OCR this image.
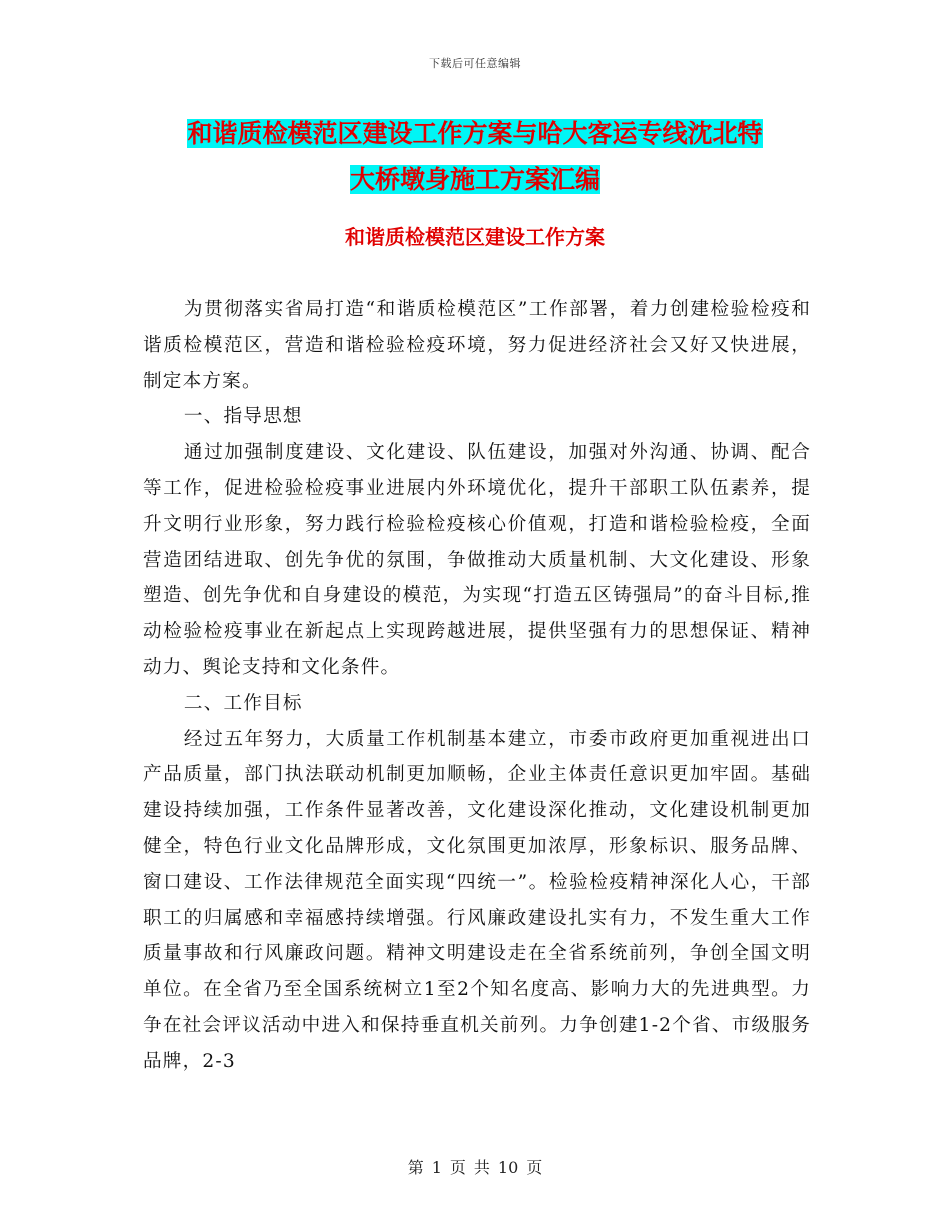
下载后可任意编辑
和谐质检模范区建设工作方案与哈大客运专线沈北特
大桥墩身施工方案汇编
和谐质检模范区建设工作方案

为贯彻落实省局打造“和谐质检模范区”工作部署，着力创建检验检疫和谐质检模范区，营造和谐检验检疫环境，努力促进经济社会又好又快进展，制定本方案。

一、指导思想

通过加强制度建设、文化建设、队伍建设，加强对外沟通、协调、配合等工作，促进检验检疫事业进展内外环境优化，提升干部职工队伍素养，提升文明行业形象，努力践行检验检疫核心价值观，打造和谐检验检疫，全面营造团结进取、创先争优的氛围，争做推动大质量机制、大文化建设、形象塑造、创先争优和自身建设的模范，为实现“打造五区铸强局”的奋斗目标,推动检验检疫事业在新起点上实现跨越进展，提供坚强有力的思想保证、精神动力、舆论支持和文化条件。

二、工作目标

经过五年努力，大质量工作机制基本建立，市委市政府更加重视进出口产品质量，部门执法联动机制更加顺畅，企业主体责任意识更加牢固。基础建设持续加强，工作条件显著改善，文化建设深化推动，文化建设机制更加健全，特色行业文化品牌形成，文化氛围更加浓厚，形象标识、服务品牌、窗口建设、工作法律规范全面实现“四统一”。检验检疫精神深化人心，干部职工的归属感和幸福感持续增强。行风廉政建设扎实有力，不发生重大工作质量事故和行风廉政问题。精神文明建设走在全省系统前列，争创全国文明单位。在全省乃至全国系统树立1至2个知名度高、影响力大的先进典型。力争在社会评议活动中进入和保持垂直机关前列。力争创建1-2个省、市级服务品牌，2-3

第 1 页 共 10 页
